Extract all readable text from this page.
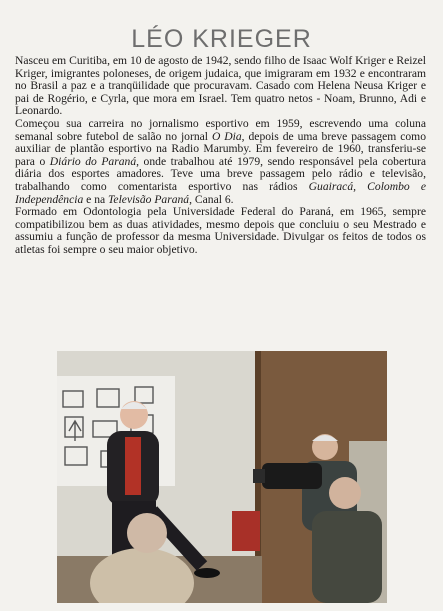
LÉO KRIEGER

Nasceu em Curitiba, em 10 de agosto de 1942, sendo filho de Isaac Wolf Kriger e Reizel Kriger, imigrantes poloneses, de origem judaica, que imigraram em 1932 e encontraram no Brasil a paz e a tranqüilidade que procuravam. Casado com Helena Neusa Kriger e pai de Rogério, e Cyrla, que mora em Israel. Tem quatro netos - Noam, Brunno, Adi e Leonardo.

Começou sua carreira no jornalismo esportivo em 1959, escrevendo uma coluna semanal sobre futebol de salão no jornal O Dia, depois de uma breve passagem como auxiliar de plantão esportivo na Radio Marumby. Em fevereiro de 1960, transferiu-se para o Diário do Paraná, onde trabalhou até 1979, sendo responsável pela cobertura diária dos esportes amadores. Teve uma breve passagem pelo rádio e televisão, trabalhando como comentarista esportivo nas rádios Guairacá, Colombo e Independência e na Televisão Paraná, Canal 6.

Formado em Odontologia pela Universidade Federal do Paraná, em 1965, sempre compatibilizou bem as duas atividades, mesmo depois que concluiu o seu Mestrado e assumiu a função de professor da mesma Universidade. Divulgar os feitos de todos os atletas foi sempre o seu maior objetivo.
